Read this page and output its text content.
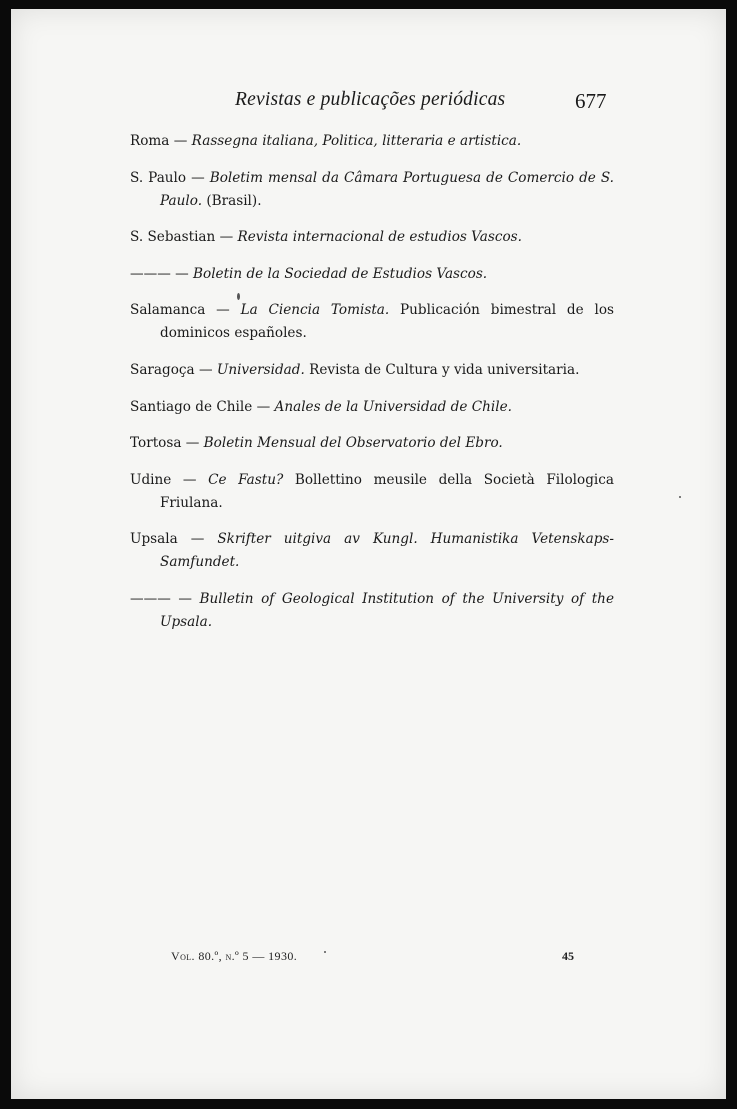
Revistas e publicações periódicas	677

Roma — Rassegna italiana, Politica, litteraria e artistica.

S. Paulo — Boletim mensal da Câmara Portuguesa de Comercio de S. Paulo. (Brasil).

S. Sebastian — Revista internacional de estudios Vascos.

——— — Boletin de la Sociedad de Estudios Vascos.

Salamanca — La Ciencia Tomista. Publicación bimestral de los dominicos españoles.

Saragoça — Universidad. Revista de Cultura y vida universitaria.

Santiago de Chile — Anales de la Universidad de Chile.

Tortosa — Boletin Mensual del Observatorio del Ebro.

Udine — Ce Fastu? Bollettino meusile della Società Filologica Friulana.

Upsala — Skrifter uitgiva av Kungl. Humanistika Vetenskaps-Samfundet.

——— — Bulletin of Geological Institution of the University of the Upsala.

Vol. 80.º, n.º 5 — 1930.	45
